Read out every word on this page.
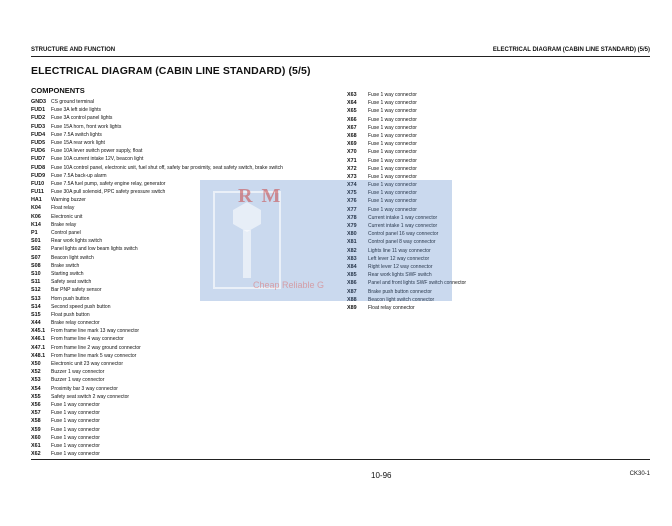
STRUCTURE AND FUNCTION	ELECTRICAL DIAGRAM (CABIN LINE STANDARD) (5/5)
ELECTRICAL DIAGRAM (CABIN LINE STANDARD) (5/5)
COMPONENTS
GND3 CS ground terminal
FUD1 Fuse 3A left side lights
FUD2 Fuse 3A control panel lights
FUD3 Fuse 15A horn, front work lights
FUD4 Fuse 7.5A switch lights
FUD5 Fuse 15A rear work light
FUD6 Fuse 10A lever switch power supply, float
FUD7 Fuse 10A current intake 12V, beacon light
FUD8 Fuse 10A control panel, electronic unit, fuel shut off, safety bar proximity, seat safety switch, brake switch
FUD9 Fuse 7.5A back-up alarm
FU10 Fuse 7.5A fuel pump, safety engine relay, generator
FU11 Fuse 30A pull solenoid, PPC safety pressure switch
HA1 Warning buzzer
K04 Float relay
K06 Electronic unit
K14 Brake relay
P1	Control panel
S01 Rear work lights switch
S02 Panel lights and low beam lights switch
S07 Beacon light switch
S08 Brake switch
S10 Starting switch
S11 Safety seat switch
S12 Bar PNP safety sensor
S13 Horn push button
S14 Second speed push button
S15 Float push button
X44 Brake relay connector
X45.1 From frame line mark 13 way connector
X46.1 From frame line 4 way connector
X47.1 From frame line 2 way ground connector
X48.1 From frame line mark 5 way connector
X50 Electronic unit 23 way connector
X52 Buzzer 1 way connector
X53 Buzzer 1 way connector
X54 Proximity bar 3 way connector
X55 Safety seat switch 2 way connector
X56 Fuse 1 way connector
X57 Fuse 1 way connector
X58 Fuse 1 way connector
X59 Fuse 1 way connector
X60 Fuse 1 way connector
X61 Fuse 1 way connector
X62 Fuse 1 way connector
X63 Fuse 1 way connector
X64 Fuse 1 way connector
X65 Fuse 1 way connector
X66 Fuse 1 way connector
X67 Fuse 1 way connector
X68 Fuse 1 way connector
X69 Fuse 1 way connector
X70 Fuse 1 way connector
X71 Fuse 1 way connector
X72 Fuse 1 way connector
X73 Fuse 1 way connector
X74 Fuse 1 way connector
X75 Fuse 1 way connector
X76 Fuse 1 way connector
X77 Fuse 1 way connector
X78 Current intake 1 way connector
X79 Current intake 1 way connector
X80 Control panel 16 way connector
X81 Control panel 8 way connector
X82 Lights line 11 way connector
X83 Left lever 12 way connector
X84 Right lever 12 way connector
X85 Rear work lights SWF switch
X86 Panel and front lights SWF switch connector
X87 Brake push button connector
X88 Beacon light switch connector
X89 Float relay connector
R M
Cheap Reliable G
10-96	CK30-1
